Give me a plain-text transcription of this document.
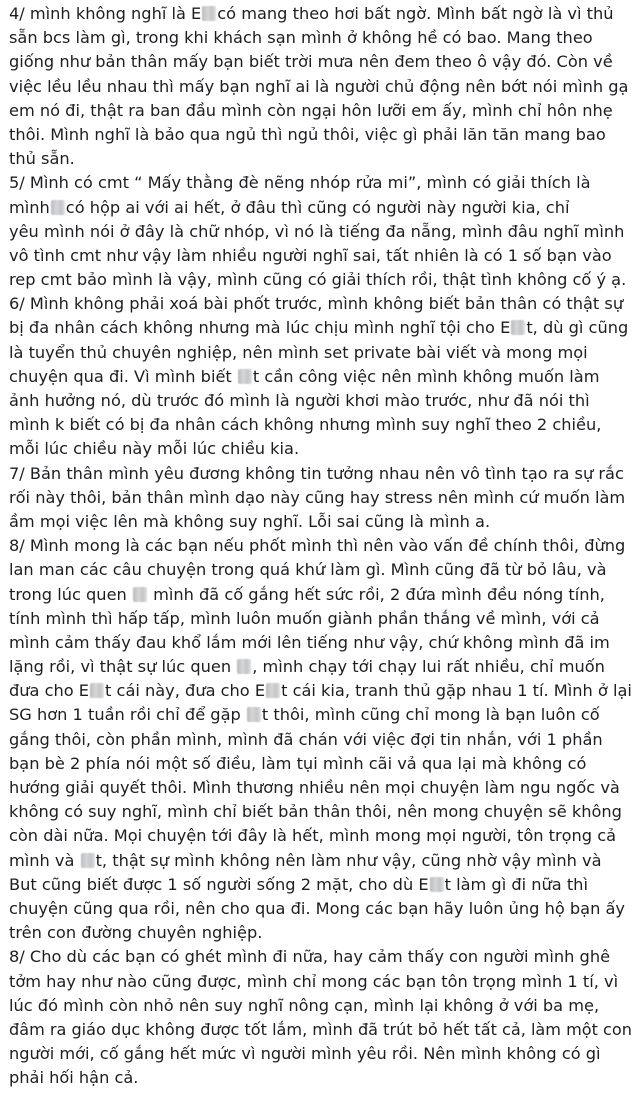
4/ mình không nghĩ là E có mang theo hơi bất ngờ. Mình bất ngờ là vì thủ
sẵn bcs làm gì, trong khi khách sạn mình ở không hề có bao. Mang theo
giống như bản thân mấy bạn biết trời mưa nên đem theo ô vậy đó. Còn về
việc lều lều nhau thì mấy bạn nghĩ ai là người chủ động nên bớt nói mình gạ
em nó đi, thật ra ban đầu mình còn ngại hôn lưỡi em ấy, mình chỉ hôn nhẹ
thôi. Mình nghĩ là bảo qua ngủ thì ngủ thôi, việc gì phải lăn tăn mang bao
thủ sẵn.
5/ Mình có cmt “ Mấy thằng đè nẽng nhóp rửa mi”, mình có giải thích là
mình có hộp ai với ai hết, ở đâu thì cũng có người này người kia, chỉ
yêu mình nói ở đây là chữ nhóp, vì nó là tiếng đa nẵng, mình đâu nghĩ mình
vô tình cmt như vậy làm nhiều người nghĩ sai, tất nhiên là có 1 số bạn vào
rep cmt bảo mình là vậy, mình cũng có giải thích rồi, thật tình không cố ý ạ.
6/ Mình không phải xoá bài phốt trước, mình không biết bản thân có thật sự
bị đa nhân cách không nhưng mà lúc chịu mình nghĩ tội cho E t, dù gì cũng
là tuyển thủ chuyên nghiệp, nên mình set private bài viết và mong mọi
chuyện qua đi. Vì mình biết t cần công việc nên mình không muốn làm
ảnh hưởng nó, dù trước đó mình là người khơi mào trước, như đã nói thì
mình k biết có bị đa nhân cách không nhưng mình suy nghĩ theo 2 chiều,
mỗi lúc chiều này mỗi lúc chiều kia.
7/ Bản thân mình yêu đương không tin tưởng nhau nên vô tình tạo ra sự rắc
rối này thôi, bản thân mình dạo này cũng hay stress nên mình cứ muốn làm
ầm mọi việc lên mà không suy nghĩ. Lỗi sai cũng là mình a.
8/ Mình mong là các bạn nếu phốt mình thì nên vào vấn đề chính thôi, đừng
lan man các câu chuyện trong quá khứ làm gì. Mình cũng đã từ bỏ lâu, và
trong lúc quen  mình đã cố gắng hết sức rồi, 2 đứa mình đều nóng tính,
tính mình thì hấp tấp, mình luôn muốn giành phần thắng về mình, với cả
mình cảm thấy đau khổ lắm mới lên tiếng như vậy, chứ không mình đã im
lặng rồi, vì thật sự lúc quen , mình chạy tới chạy lui rất nhiều, chỉ muốn
đưa cho E t cái này, đưa cho E t cái kia, tranh thủ gặp nhau 1 tí. Mình ở lại
SG hơn 1 tuần rồi chỉ để gặp t thôi, mình cũng chỉ mong là bạn luôn cố
gắng thôi, còn phần mình, mình đã chán với việc đợi tin nhắn, với 1 phần
bạn bè 2 phía nói một số điều, làm tụi mình cãi vả qua lại mà không có
hướng giải quyết thôi. Mình thương nhiều nên mọi chuyện làm ngu ngốc và
không có suy nghĩ, mình chỉ biết bản thân thôi, nên mong chuyện sẽ không
còn dài nữa. Mọi chuyện tới đây là hết, mình mong mọi người, tôn trọng cả
mình và t, thật sự mình không nên làm như vậy, cũng nhờ vậy mình và
But cũng biết được 1 số người sống 2 mặt, cho dù E t làm gì đi nữa thì
chuyện cũng qua rồi, nên cho qua đi. Mong các bạn hãy luôn ủng hộ bạn ấy
trên con đường chuyên nghiệp.
8/ Cho dù các bạn có ghét mình đi nữa, hay cảm thấy con người mình ghê
tởm hay như nào cũng được, mình chỉ mong các bạn tôn trọng mình 1 tí, vì
lúc đó mình còn nhỏ nên suy nghĩ nông cạn, mình lại không ở với ba mẹ,
đâm ra giáo dục không được tốt lắm, mình đã trút bỏ hết tất cả, làm một con
người mới, cố gắng hết mức vì người mình yêu rồi. Nên mình không có gì
phải hối hận cả.
